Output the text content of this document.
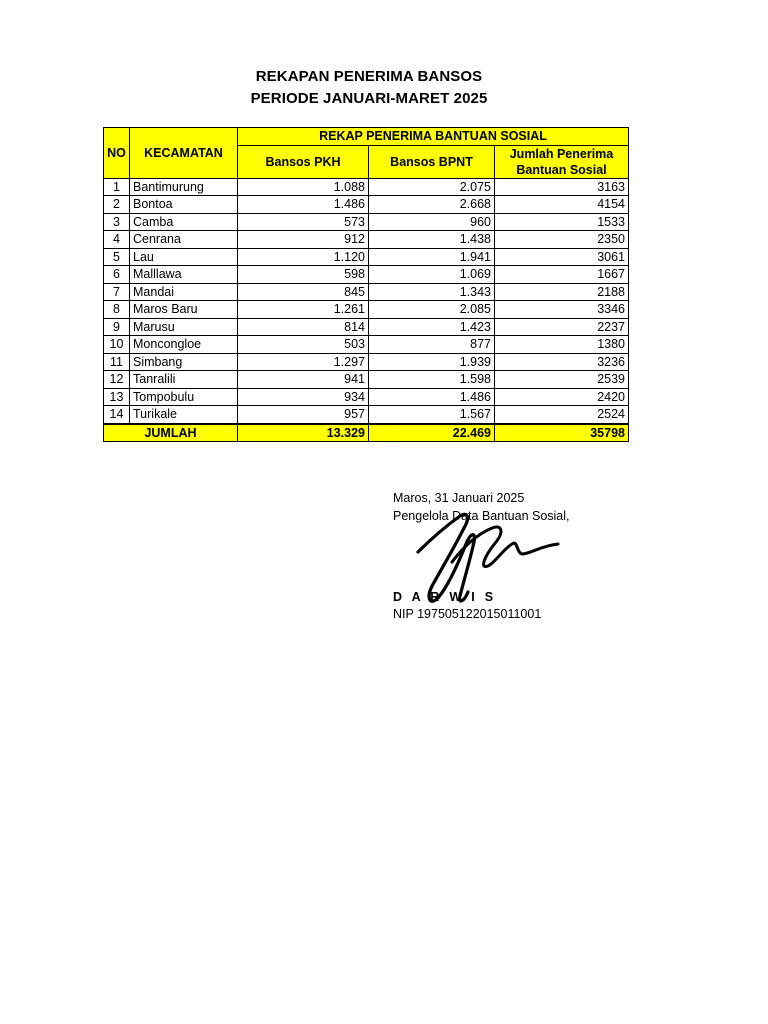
REKAPAN PENERIMA BANSOS
PERIODE JANUARI-MARET 2025
NO	KECAMATAN	REKAP PENERIMA BANTUAN SOSIAL		
		Bansos PKH	Bansos BPNT	Jumlah Penerima
Bantuan Sosial

1	Bantimurung	1.088	2.075	3163
2	Bontoa	1.486	2.668	4154
3	Camba	573	960	1533
4	Cenrana	912	1.438	2350
5	Lau	1.120	1.941	3061
6	Malllawa	598	1.069	1667
7	Mandai	845	1.343	2188
8	Maros Baru	1.261	2.085	3346
9	Marusu	814	1.423	2237
10	Moncongloe	503	877	1380
11	Simbang	1.297	1.939	3236
12	Tanralili	941	1.598	2539
13	Tompobulu	934	1.486	2420
14	Turikale	957	1.567	2524
JUMLAH		13.329	22.469	35798
Maros, 31 Januari 2025
Pengelola Data Bantuan Sosial,
D A R W I S
NIP 197505122015011001
